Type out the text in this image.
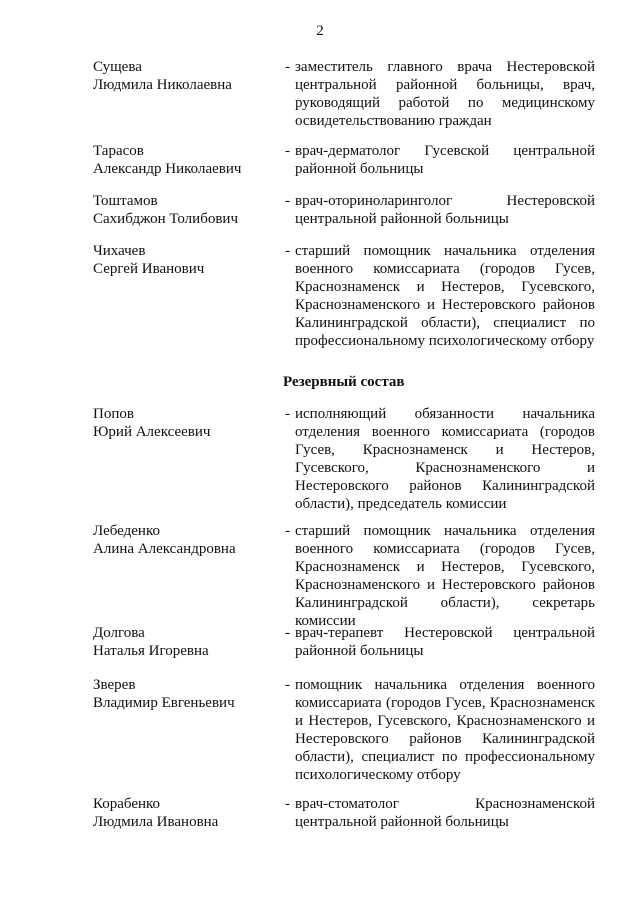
2
Сущева
Людмила Николаевна
- заместитель главного врача Нестеровской центральной районной больницы, врач, руководящий работой по медицинскому освидетельствованию граждан
Тарасов
Александр Николаевич
- врач-дерматолог Гусевской центральной районной больницы
Тоштамов
Сахибджон Толибович
- врач-оториноларинголог Нестеровской центральной районной больницы
Чихачев
Сергей Иванович
- старший помощник начальника отделения военного комиссариата (городов Гусев, Краснознаменск и Нестеров, Гусевского, Краснознаменского и Нестеровского районов Калининградской области), специалист по профессиональному психологическому отбору
Резервный состав
Попов
Юрий Алексеевич
- исполняющий обязанности начальника отделения военного комиссариата (городов Гусев, Краснознаменск и Нестеров, Гусевского, Краснознаменского и Нестеровского районов Калининградской области), председатель комиссии
Лебеденко
Алина Александровна
- старший помощник начальника отделения военного комиссариата (городов Гусев, Краснознаменск и Нестеров, Гусевского, Краснознаменского и Нестеровского районов Калининградской области), секретарь комиссии
Долгова
Наталья Игоревна
- врач-терапевт Нестеровской центральной районной больницы
Зверев
Владимир Евгеньевич
- помощник начальника отделения военного комиссариата (городов Гусев, Краснознаменск и Нестеров, Гусевского, Краснознаменского и Нестеровского районов Калининградской области), специалист по профессиональному психологическому отбору
Корабенко
Людмила Ивановна
- врач-стоматолог Краснознаменской центральной районной больницы
